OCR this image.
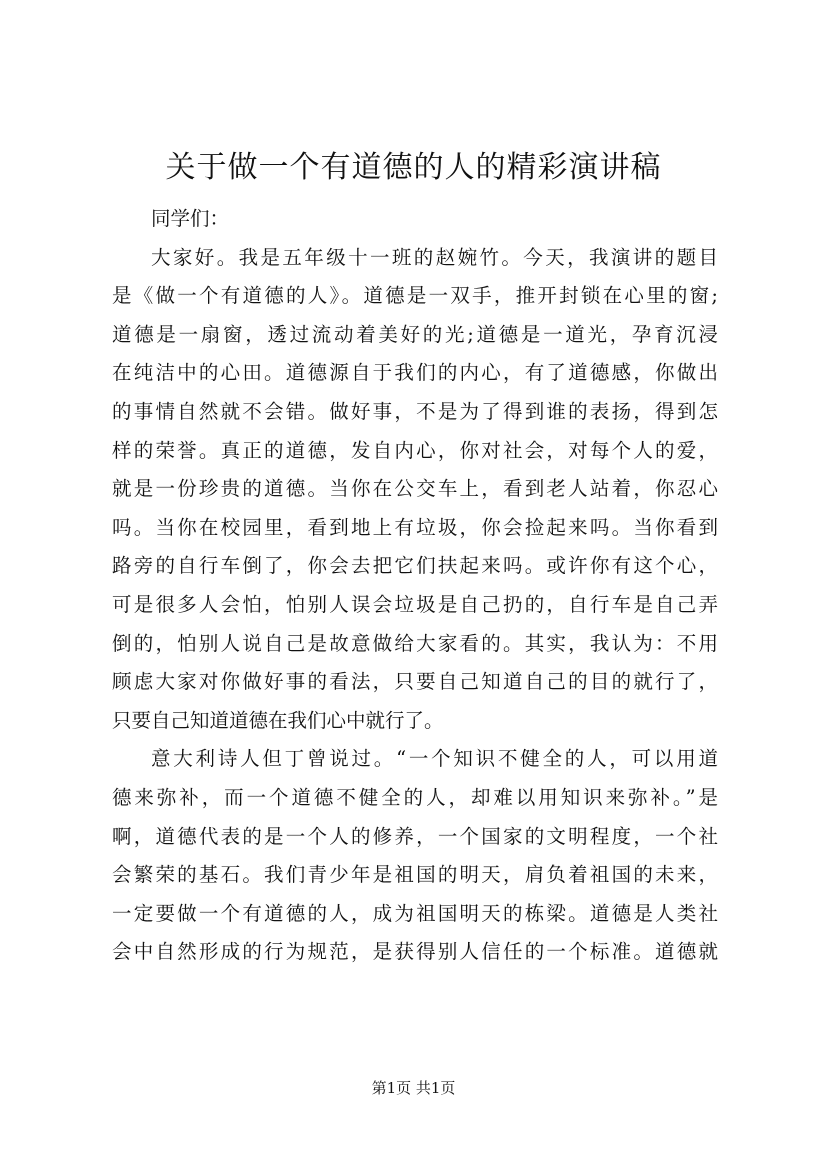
关于做一个有道德的人的精彩演讲稿
同学们：
大家好。我是五年级十一班的赵婉竹。今天，我演讲的题目
是《做一个有道德的人》。道德是一双手，推开封锁在心里的窗;
道德是一扇窗，透过流动着美好的光;道德是一道光，孕育沉浸
在纯洁中的心田。道德源自于我们的内心，有了道德感，你做出
的事情自然就不会错。做好事，不是为了得到谁的表扬，得到怎
样的荣誉。真正的道德，发自内心，你对社会，对每个人的爱，
就是一份珍贵的道德。当你在公交车上，看到老人站着，你忍心
吗。当你在校园里，看到地上有垃圾，你会捡起来吗。当你看到
路旁的自行车倒了，你会去把它们扶起来吗。或许你有这个心，
可是很多人会怕，怕别人误会垃圾是自己扔的，自行车是自己弄
倒的，怕别人说自己是故意做给大家看的。其实，我认为：不用
顾虑大家对你做好事的看法，只要自己知道自己的目的就行了，
只要自己知道道德在我们心中就行了。
意大利诗人但丁曾说过。“一个知识不健全的人，可以用道
德来弥补，而一个道德不健全的人，却难以用知识来弥补。”是
啊，道德代表的是一个人的修养，一个国家的文明程度，一个社
会繁荣的基石。我们青少年是祖国的明天，肩负着祖国的未来，
一定要做一个有道德的人，成为祖国明天的栋梁。道德是人类社
会中自然形成的行为规范，是获得别人信任的一个标准。道德就
第1页 共1页
